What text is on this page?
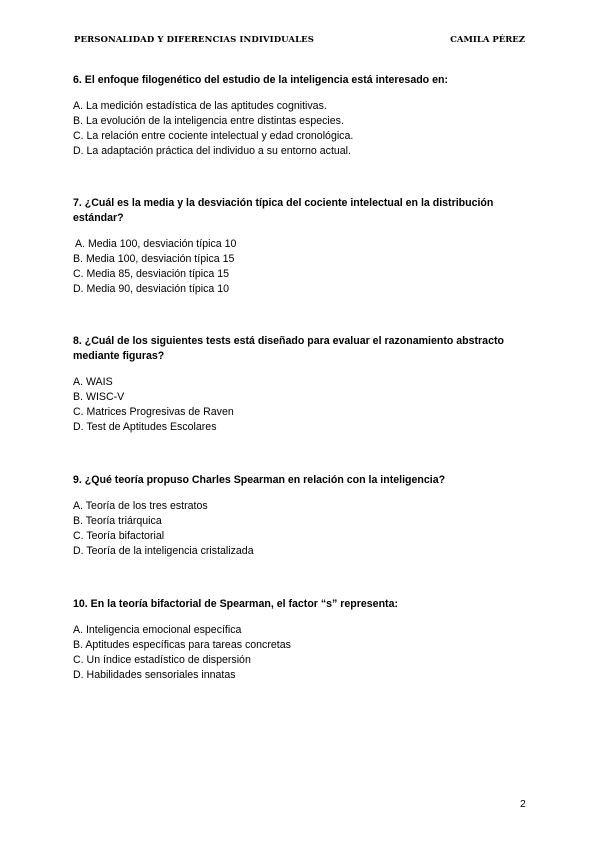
PERSONALIDAD Y DIFERENCIAS INDIVIDUALES	CAMILA PÉREZ

6. El enfoque filogenético del estudio de la inteligencia está interesado en:

A. La medición estadística de las aptitudes cognitivas.

B. La evolución de la inteligencia entre distintas especies.

C. La relación entre cociente intelectual y edad cronológica.

D. La adaptación práctica del individuo a su entorno actual.

7. ¿Cuál es la media y la desviación típica del cociente intelectual en la distribución estándar?

A. Media 100, desviación típica 10

B. Media 100, desviación típica 15

C. Media 85, desviación típica 15

D. Media 90, desviación típica 10

8. ¿Cuál de los siguientes tests está diseñado para evaluar el razonamiento abstracto mediante figuras?

A. WAIS

B. WISC-V

C. Matrices Progresivas de Raven

D. Test de Aptitudes Escolares

9. ¿Qué teoría propuso Charles Spearman en relación con la inteligencia?

A. Teoría de los tres estratos

B. Teoría triárquica

C. Teoría bifactorial

D. Teoría de la inteligencia cristalizada

10. En la teoría bifactorial de Spearman, el factor “s” representa:

A. Inteligencia emocional específica

B. Aptitudes específicas para tareas concretas

C. Un índice estadístico de dispersión

D. Habilidades sensoriales innatas

2
